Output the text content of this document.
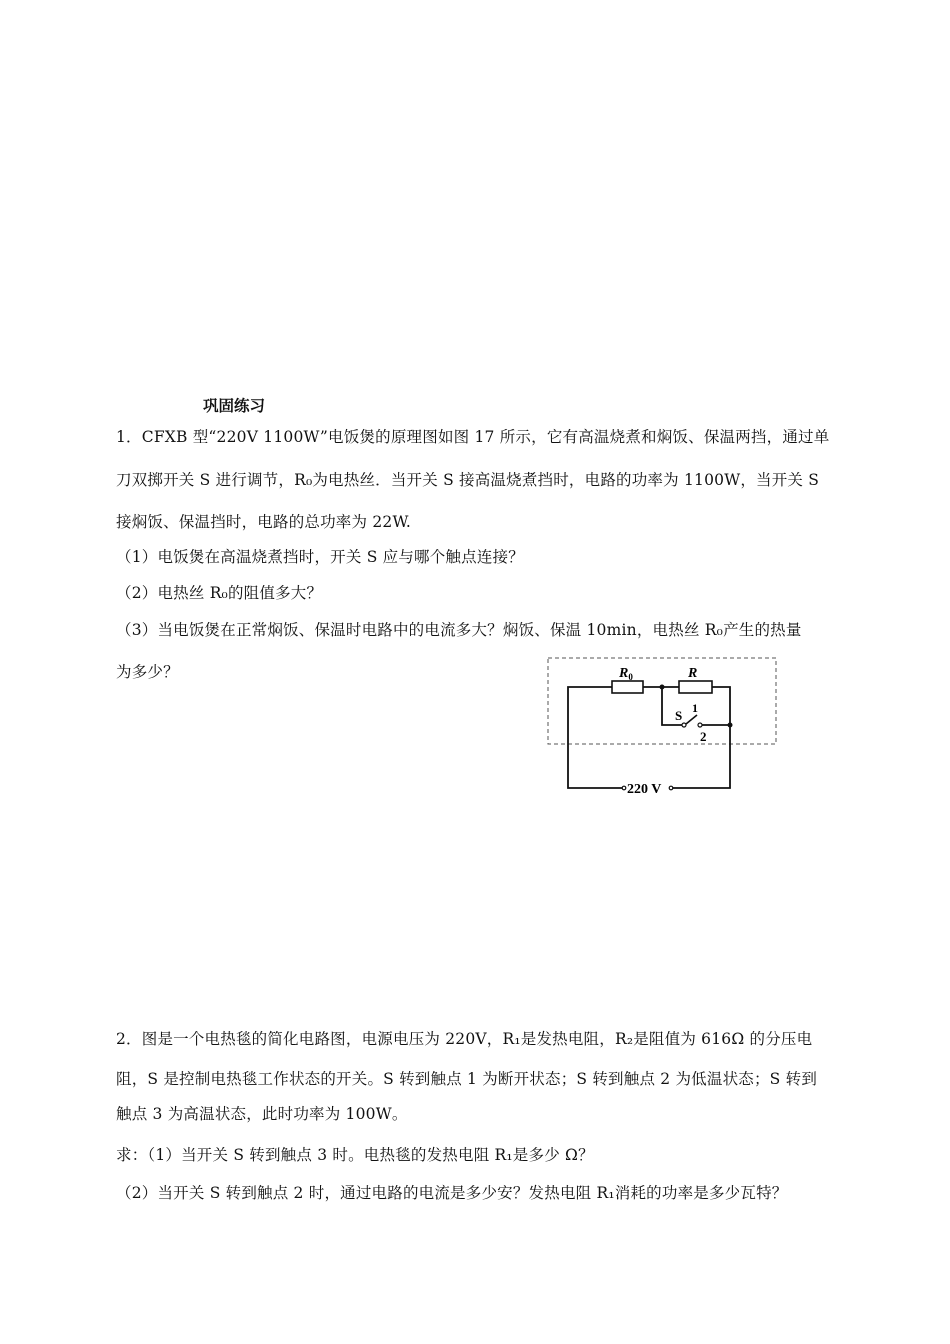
巩固练习
1．CFXB 型“220V 1100W”电饭煲的原理图如图 17 所示，它有高温烧煮和焖饭、保温两挡，通过单
刀双掷开关 S 进行调节，R₀为电热丝．当开关 S 接高温烧煮挡时，电路的功率为 1100W，当开关 S
接焖饭、保温挡时，电路的总功率为 22W.
（1）电饭煲在高温烧煮挡时，开关 S 应与哪个触点连接？
（2）电热丝 R₀的阻值多大？
（3）当电饭煲在正常焖饭、保温时电路中的电流多大？焖饭、保温 10min，电热丝 R₀产生的热量
为多少？	$R_0$	R
S 1
2
220 V
2．图是一个电热毯的简化电路图，电源电压为 220V，R₁是发热电阻，R₂是阻值为 616Ω 的分压电
阻，S 是控制电热毯工作状态的开关。S 转到触点 1 为断开状态；S 转到触点 2 为低温状态；S 转到
触点 3 为高温状态，此时功率为 100W。
求：（1）当开关 S 转到触点 3 时。电热毯的发热电阻 R₁是多少 Ω？
（2）当开关 S 转到触点 2 时，通过电路的电流是多少安？发热电阻 R₁消耗的功率是多少瓦特？
